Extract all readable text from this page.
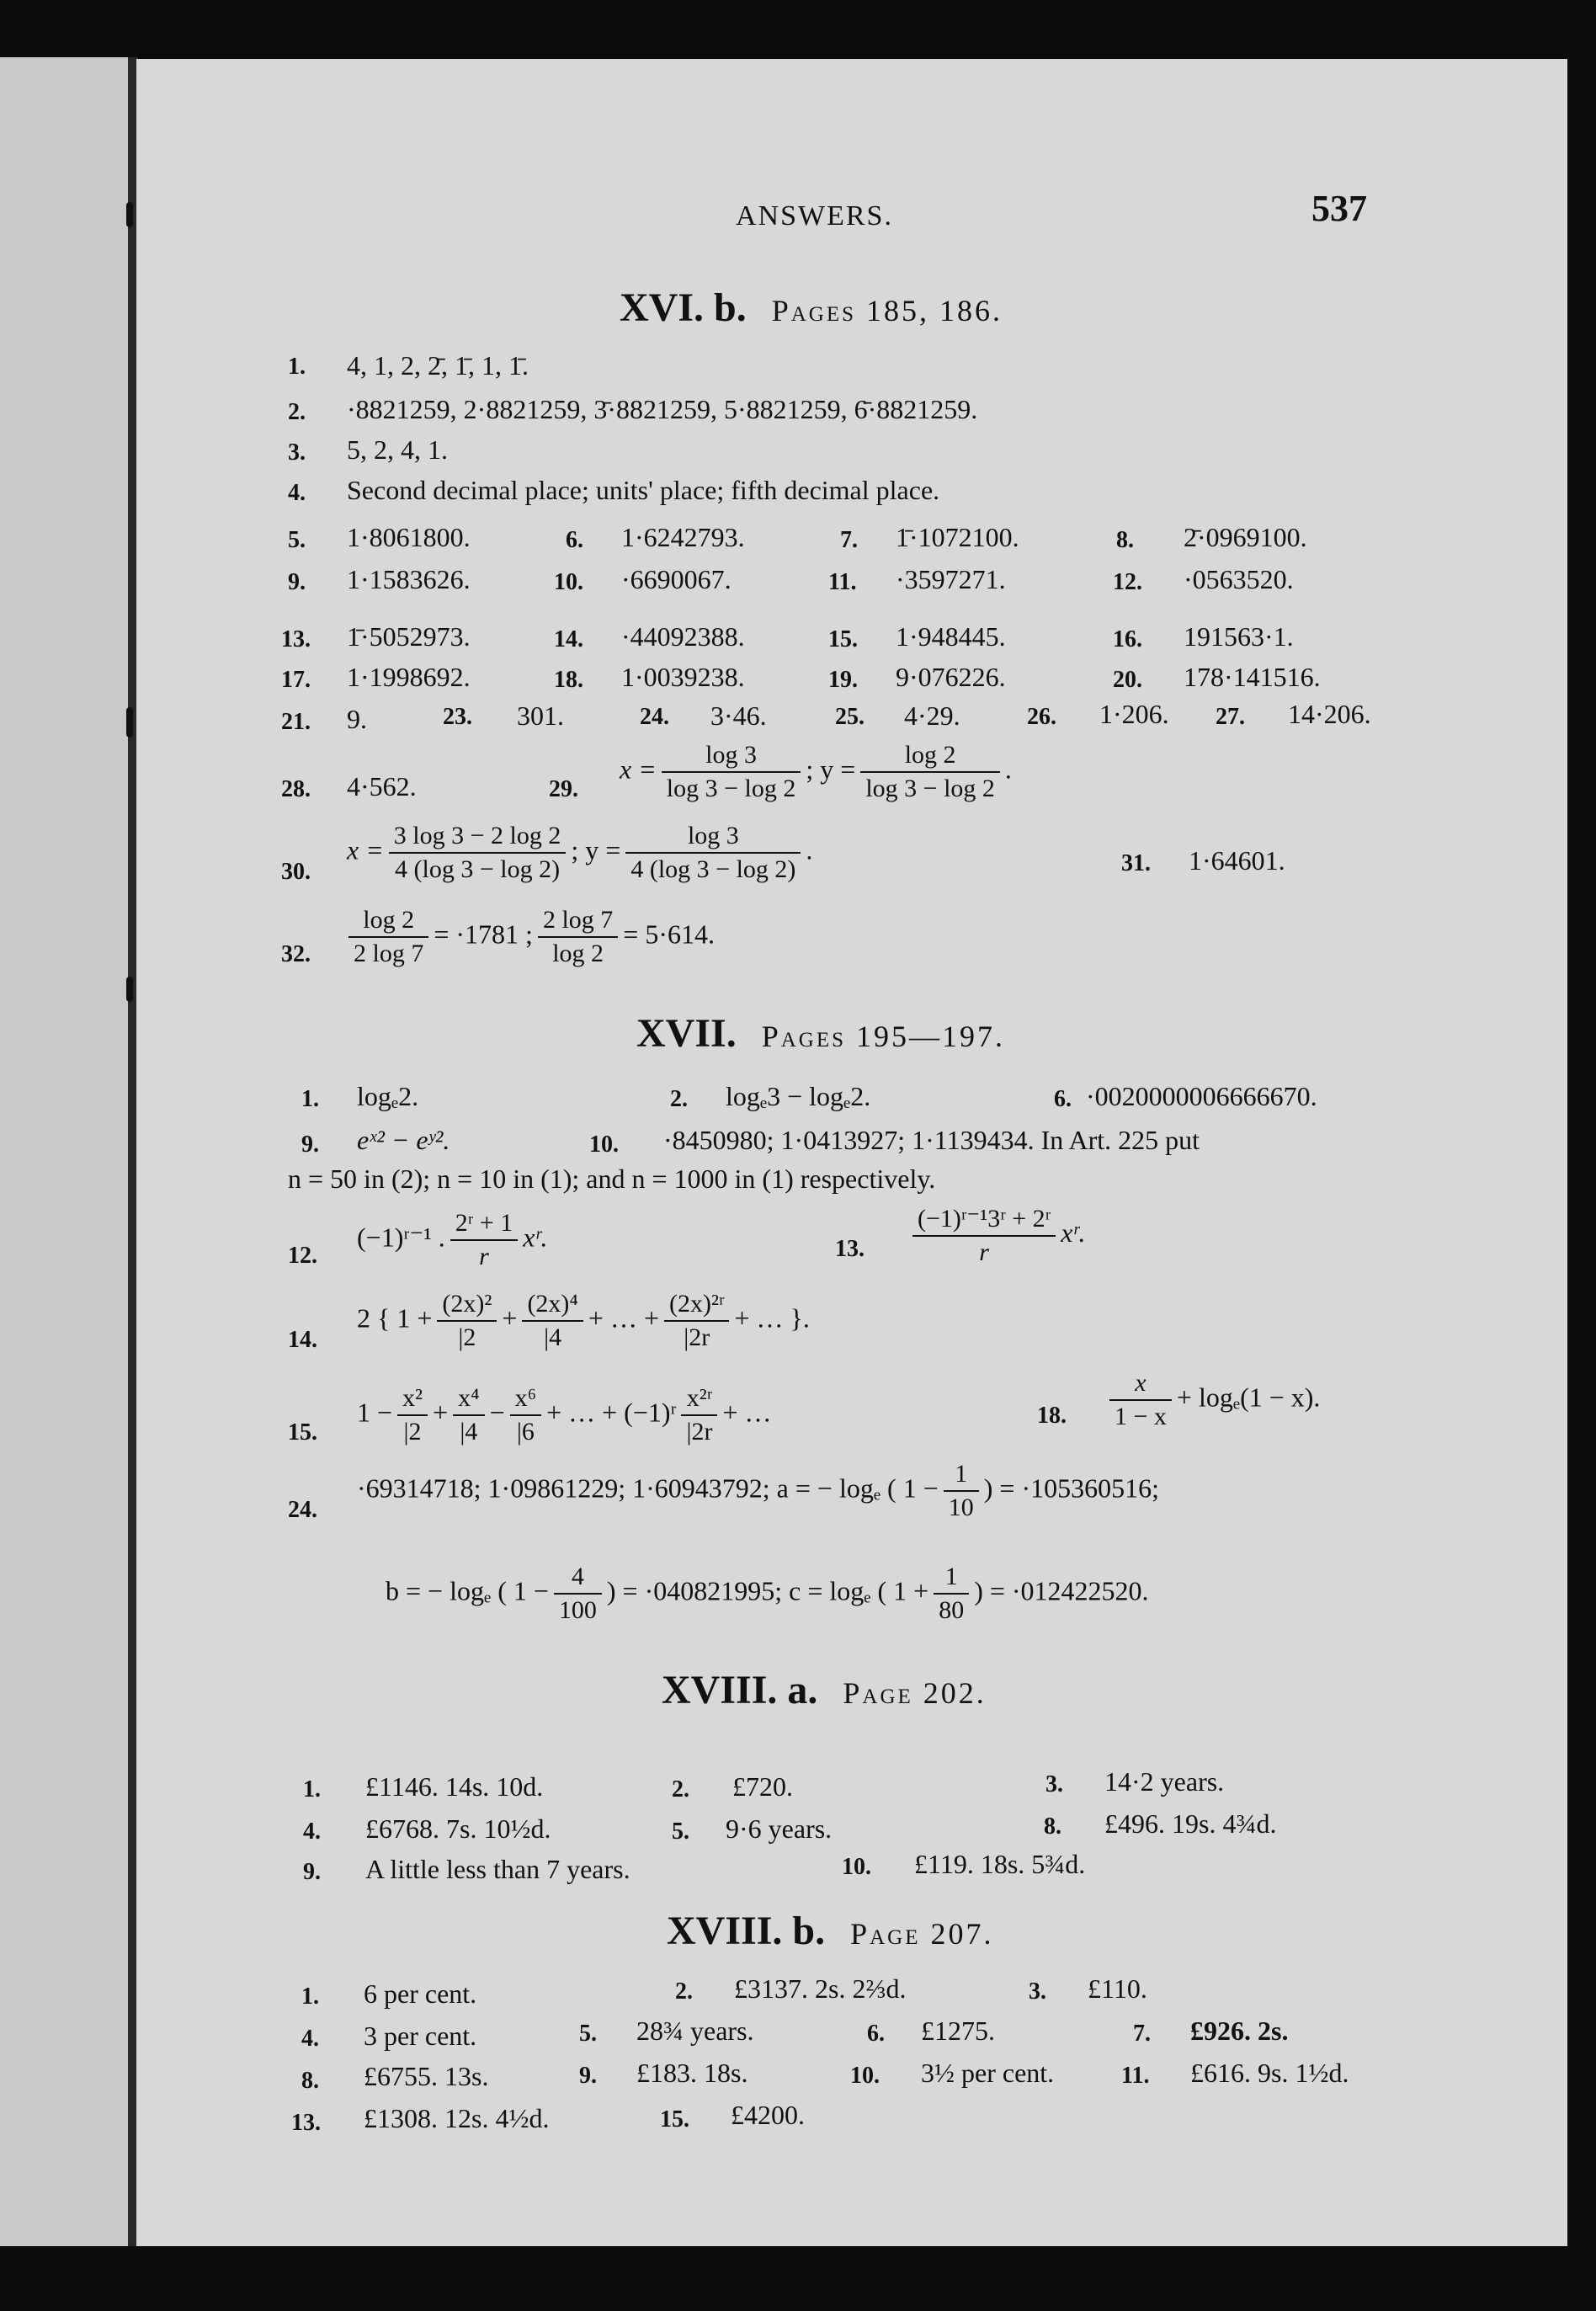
ANSWERS.	537
XVI. b. Pages 185, 186.
1. 4, 1, 2, 2̄, 1̄, 1, 1̄.
2. ·8821259, 2·8821259, 3̄·8821259, 5·8821259, 6̄·8821259.
3. 5, 2, 4, 1.
4. Second decimal place; units' place; fifth decimal place.
5. 1·8061800.	6. 1·6242793.	7. 1̄·1072100.	8. 2̄·0969100.
9. 1·1583626.	10. ·6690067.	11. ·3597271.	12. ·0563520.
13. 1̄·5052973.	14. ·44092388.	15. 1·948445.	16. 191563·1.
17. 1·1998692.	18. 1·0039238.	19. 9·076226.	20. 178·141516.
21. 9.	23. 301.	24. 3·46.	25. 4·29.	26. 1·206. 27. 14·206.
28. 4·562.	29.
$x = \frac{\log 3}{\log 3 - \log 2}$ ; $y = \frac{\log 2}{\log 3 - \log 2}$ .
30.
$x = \frac{3 \log 3 - 2 \log 2}{4 (\log 3 - \log 2)}$ ; $y = \frac{\log 3}{4 (\log 3 - \log 2)}$ .	31. 1·64601.
32. $\frac{\log 2}{2 \log 7} = \cdot 1781$ ; $\frac{2 \log 7}{\log 2} = 5\cdot 614$.
XVII. Pages 195—197.
1. logₑ2.	2. logₑ3 − logₑ2.	6. ·0020000006666670.
9. eˣ² − eʸ².	10. ·8450980; 1·0413927; 1·1139434. In Art. 225 put
n = 50 in (2); n = 10 in (1); and n = 1000 in (1) respectively.
12.
(−1)ʳ⁻¹ . $\frac{\text{2ʳ + 1}}{r}$ xʳ.	13. $\frac{\text{(−1)ʳ⁻¹3ʳ + 2ʳ}}{r}$ xʳ.
14.
2 { $1 + \frac{\text{(2x)²}}{|2} + \frac{\text{(2x)⁴}}{|4}$ + … + $\frac{\text{(2x)²ʳ}}{|2r}$ + … }.
15.
$1 - \frac{\text{x²}}{|2} + \frac{\text{x⁴}}{|4} - \frac{\text{x⁶}}{|6}$ + … + (−1)ʳ $\frac{\text{x²ʳ}}{|2r}$ + …	18. $\frac{x}{1 - x} + \log_e(1 - x)$.
24.
·69314718; 1·09861229; 1·60943792; a = − logₑ ( $1 - \frac{1}{10}$ ) = ·105360516;
b = − logₑ ( $1 - \frac{4}{100}$ ) = ·040821995; c = logₑ ( $1 + \frac{1}{80}$ ) = ·012422520.
XVIII. a. Page 202.
1. £1146. 14s. 10d.	2. £720.	3. 14·2 years.
4. £6768. 7s. 10½d.	5. 9·6 years.	8. £496. 19s. 4¾d.
9. A little less than 7 years.	10. £119. 18s. 5¾d.
XVIII. b. Page 207.
1. 6 per cent.	2. £3137. 2s. 2⅔d.	3. £110.
4. 3 per cent.	5. 28¾ years.	6. £1275.	7. £926. 2s.
8. £6755. 13s.	9. £183. 18s.	10. 3½ per cent.	11. £616. 9s. 1½d.
13. £1308. 12s. 4½d.	15. £4200.
